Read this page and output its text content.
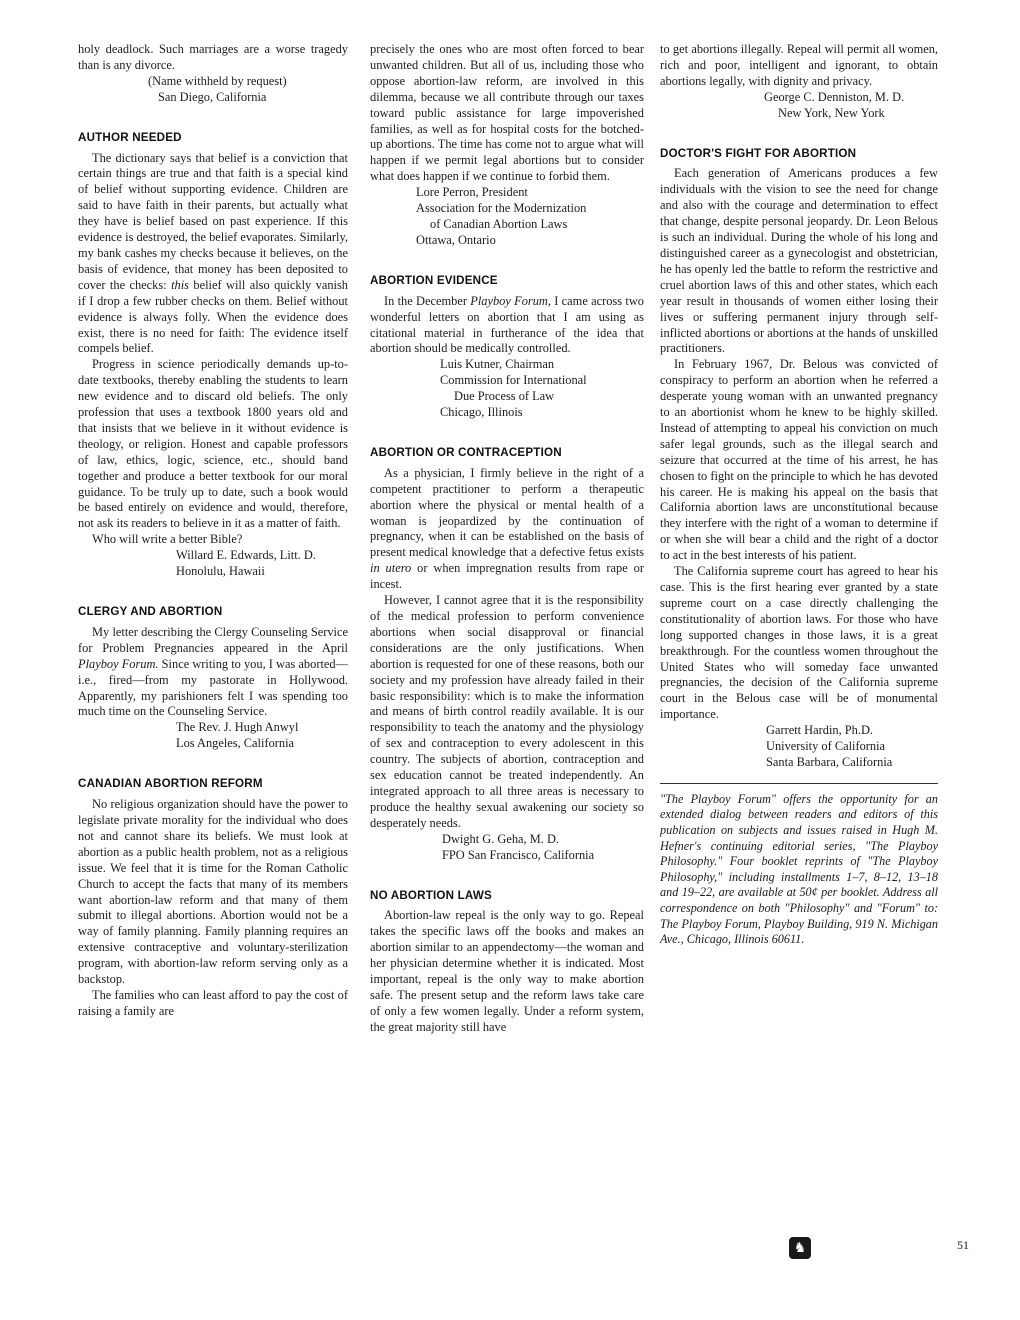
holy deadlock. Such marriages are a worse tragedy than is any divorce.

(Name withheld by request)
San Diego, California
AUTHOR NEEDED

The dictionary says that belief is a conviction that certain things are true and that faith is a special kind of belief without supporting evidence. Children are said to have faith in their parents, but actually what they have is belief based on past experience. If this evidence is destroyed, the belief evaporates. Similarly, my bank cashes my checks because it believes, on the basis of evidence, that money has been deposited to cover the checks: this belief will also quickly vanish if I drop a few rubber checks on them. Belief without evidence is always folly. When the evidence does exist, there is no need for faith: The evidence itself compels belief.

Progress in science periodically demands up-to-date textbooks, thereby enabling the students to learn new evidence and to discard old beliefs. The only profession that uses a textbook 1800 years old and that insists that we believe in it without evidence is theology, or religion. Honest and capable professors of law, ethics, logic, science, etc., should band together and produce a better textbook for our moral guidance. To be truly up to date, such a book would be based entirely on evidence and would, therefore, not ask its readers to believe in it as a matter of faith.

Who will write a better Bible?

Willard E. Edwards, Litt. D.
Honolulu, Hawaii
CLERGY AND ABORTION

My letter describing the Clergy Counseling Service for Problem Pregnancies appeared in the April Playboy Forum. Since writing to you, I was aborted—i.e., fired—from my pastorate in Hollywood. Apparently, my parishioners felt I was spending too much time on the Counseling Service.

The Rev. J. Hugh Anwyl
Los Angeles, California
CANADIAN ABORTION REFORM

No religious organization should have the power to legislate private morality for the individual who does not and cannot share its beliefs. We must look at abortion as a public health problem, not as a religious issue. We feel that it is time for the Roman Catholic Church to accept the facts that many of its members want abortion-law reform and that many of them submit to illegal abortions. Abortion would not be a way of family planning. Family planning requires an extensive contraceptive and voluntary-sterilization program, with abortion-law reform serving only as a backstop.

The families who can least afford to pay the cost of raising a family are

precisely the ones who are most often forced to bear unwanted children. But all of us, including those who oppose abortion-law reform, are involved in this dilemma, because we all contribute through our taxes toward public assistance for large impoverished families, as well as for hospital costs for the botched-up abortions. The time has come not to argue what will happen if we permit legal abortions but to consider what does happen if we continue to forbid them.

Lore Perron, President
Association for the Modernization
of Canadian Abortion Laws
Ottawa, Ontario
ABORTION EVIDENCE

In the December Playboy Forum, I came across two wonderful letters on abortion that I am using as citational material in furtherance of the idea that abortion should be medically controlled.

Luis Kutner, Chairman
Commission for International
Due Process of Law
Chicago, Illinois
ABORTION OR CONTRACEPTION

As a physician, I firmly believe in the right of a competent practitioner to perform a therapeutic abortion where the physical or mental health of a woman is jeopardized by the continuation of pregnancy, when it can be established on the basis of present medical knowledge that a defective fetus exists in utero or when impregnation results from rape or incest.

However, I cannot agree that it is the responsibility of the medical profession to perform convenience abortions when social disapproval or financial considerations are the only justifications. When abortion is requested for one of these reasons, both our society and my profession have already failed in their basic responsibility: which is to make the information and means of birth control readily available. It is our responsibility to teach the anatomy and the physiology of sex and contraception to every adolescent in this country. The subjects of abortion, contraception and sex education cannot be treated independently. An integrated approach to all three areas is necessary to produce the healthy sexual awakening our society so desperately needs.

Dwight G. Geha, M. D.
FPO San Francisco, California
NO ABORTION LAWS

Abortion-law repeal is the only way to go. Repeal takes the specific laws off the books and makes an abortion similar to an appendectomy—the woman and her physician determine whether it is indicated. Most important, repeal is the only way to make abortion safe. The present setup and the reform laws take care of only a few women legally. Under a reform system, the great majority still have

to get abortions illegally. Repeal will permit all women, rich and poor, intelligent and ignorant, to obtain abortions legally, with dignity and privacy.

George C. Denniston, M. D.
New York, New York
DOCTOR'S FIGHT FOR ABORTION

Each generation of Americans produces a few individuals with the vision to see the need for change and also with the courage and determination to effect that change, despite personal jeopardy. Dr. Leon Belous is such an individual. During the whole of his long and distinguished career as a gynecologist and obstetrician, he has openly led the battle to reform the restrictive and cruel abortion laws of this and other states, which each year result in thousands of women either losing their lives or suffering permanent injury through self-inflicted abortions or abortions at the hands of unskilled practitioners.

In February 1967, Dr. Belous was convicted of conspiracy to perform an abortion when he referred a desperate young woman with an unwanted pregnancy to an abortionist whom he knew to be highly skilled. Instead of attempting to appeal his conviction on much safer legal grounds, such as the illegal search and seizure that occurred at the time of his arrest, he has chosen to fight on the principle to which he has devoted his career. He is making his appeal on the basis that California abortion laws are unconstitutional because they interfere with the right of a woman to determine if or when she will bear a child and the right of a doctor to act in the best interests of his patient.

The California supreme court has agreed to hear his case. This is the first hearing ever granted by a state supreme court on a case directly challenging the constitutionality of abortion laws. For those who have long supported changes in those laws, it is a great breakthrough. For the countless women throughout the United States who will someday face unwanted pregnancies, the decision of the California supreme court in the Belous case will be of monumental importance.

Garrett Hardin, Ph.D.
University of California
Santa Barbara, California
"The Playboy Forum" offers the opportunity for an extended dialog between readers and editors of this publication on subjects and issues raised in Hugh M. Hefner's continuing editorial series, "The Playboy Philosophy." Four booklet reprints of "The Playboy Philosophy," including installments 1–7, 8–12, 13–18 and 19–22, are available at 50¢ per booklet. Address all correspondence on both "Philosophy" and "Forum" to: The Playboy Forum, Playboy Building, 919 N. Michigan Ave., Chicago, Illinois 60611.
♞	51
